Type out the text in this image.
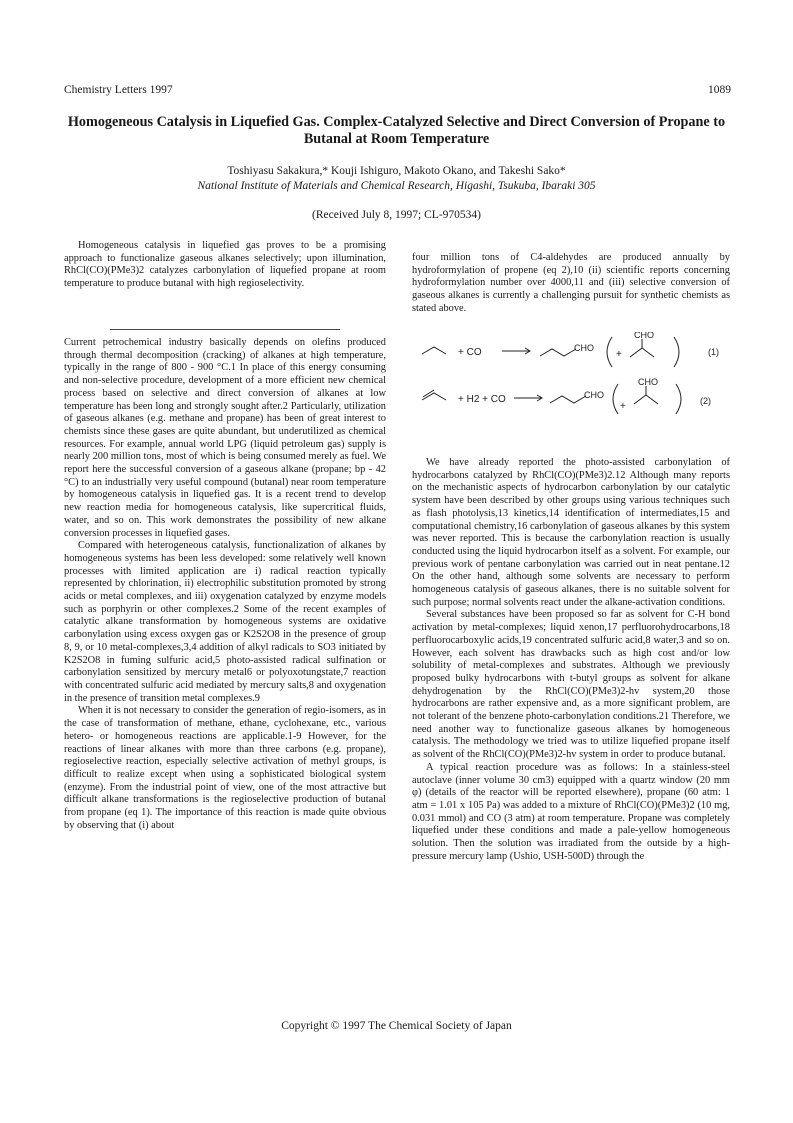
Chemistry Letters 1997	1089
Homogeneous Catalysis in Liquefied Gas. Complex-Catalyzed Selective and Direct Conversion of Propane to Butanal at Room Temperature
Toshiyasu Sakakura,* Kouji Ishiguro, Makoto Okano, and Takeshi Sako*
National Institute of Materials and Chemical Research, Higashi, Tsukuba, Ibaraki 305
(Received July 8, 1997; CL-970534)

Homogeneous catalysis in liquefied gas proves to be a promising approach to functionalize gaseous alkanes selectively; upon illumination, RhCl(CO)(PMe3)2 catalyzes carbonylation of liquefied propane at room temperature to produce butanal with high regioselectivity.

Current petrochemical industry basically depends on olefins produced through thermal decomposition (cracking) of alkanes at high temperature, typically in the range of 800 - 900 °C.1 In place of this energy consuming and non-selective procedure, development of a more efficient new chemical process based on selective and direct conversion of alkanes at low temperature has been long and strongly sought after.2 Particularly, utilization of gaseous alkanes (e.g. methane and propane) has been of great interest to chemists since these gases are quite abundant, but underutilized as chemical resources. For example, annual world LPG (liquid petroleum gas) supply is nearly 200 million tons, most of which is being consumed merely as fuel. We report here the successful conversion of a gaseous alkane (propane; bp - 42 °C) to an industrially very useful compound (butanal) near room temperature by homogeneous catalysis in liquefied gas. It is a recent trend to develop new reaction media for homogeneous catalysis, like supercritical fluids, water, and so on. This work demonstrates the possibility of new alkane conversion processes in liquefied gases.

Compared with heterogeneous catalysis, functionalization of alkanes by homogeneous systems has been less developed: some relatively well known processes with limited application are i) radical reaction typically represented by chlorination, ii) electrophilic substitution promoted by strong acids or metal complexes, and iii) oxygenation catalyzed by enzyme models such as porphyrin or other complexes.2 Some of the recent examples of catalytic alkane transformation by homogeneous systems are oxidative carbonylation using excess oxygen gas or K2S2O8 in the presence of group 8, 9, or 10 metal-complexes,3,4 addition of alkyl radicals to SO3 initiated by K2S2O8 in fuming sulfuric acid,5 photo-assisted radical sulfination or carbonylation sensitized by mercury metal6 or polyoxotungstate,7 reaction with concentrated sulfuric acid mediated by mercury salts,8 and oxygenation in the presence of transition metal complexes.9

When it is not necessary to consider the generation of regio-isomers, as in the case of transformation of methane, ethane, cyclohexane, etc., various hetero- or homogeneous reactions are applicable.1-9 However, for the reactions of linear alkanes with more than three carbons (e.g. propane), regioselective reaction, especially selective activation of methyl groups, is difficult to realize except when using a sophisticated biological system (enzyme). From the industrial point of view, one of the most attractive but difficult alkane transformations is the regioselective production of butanal from propane (eq 1). The importance of this reaction is made quite obvious by observing that (i) about

four million tons of C4-aldehydes are produced annually by hydroformylation of propene (eq 2),10 (ii) scientific reports concerning hydroformylation number over 4000,11 and (iii) selective conversion of gaseous alkanes is currently a challenging pursuit for synthetic chemists as stated above.

+ CO	CHO
+
CHO
(1)
+ H2 + CO	CHO
+
CHO
(2)

We have already reported the photo-assisted carbonylation of hydrocarbons catalyzed by RhCl(CO)(PMe3)2.12 Although many reports on the mechanistic aspects of hydrocarbon carbonylation by our catalytic system have been described by other groups using various techniques such as flash photolysis,13 kinetics,14 identification of intermediates,15 and computational chemistry,16 carbonylation of gaseous alkanes by this system was never reported. This is because the carbonylation reaction is usually conducted using the liquid hydrocarbon itself as a solvent. For example, our previous work of pentane carbonylation was carried out in neat pentane.12 On the other hand, although some solvents are necessary to perform homogeneous catalysis of gaseous alkanes, there is no suitable solvent for such purpose; normal solvents react under the alkane-activation conditions.

Several substances have been proposed so far as solvent for C-H bond activation by metal-complexes; liquid xenon,17 perfluorohydrocarbons,18 perfluorocarboxylic acids,19 concentrated sulfuric acid,8 water,3 and so on. However, each solvent has drawbacks such as high cost and/or low solubility of metal-complexes and substrates. Although we previously proposed bulky hydrocarbons with t-butyl groups as solvent for alkane dehydrogenation by the RhCl(CO)(PMe3)2-hv system,20 those hydrocarbons are rather expensive and, as a more significant problem, are not tolerant of the benzene photo-carbonylation conditions.21 Therefore, we need another way to functionalize gaseous alkanes by homogeneous catalysis. The methodology we tried was to utilize liquefied propane itself as solvent of the RhCl(CO)(PMe3)2-hv system in order to produce butanal.

A typical reaction procedure was as follows: In a stainless-steel autoclave (inner volume 30 cm3) equipped with a quartz window (20 mm φ) (details of the reactor will be reported elsewhere), propane (60 atm: 1 atm = 1.01 x 105 Pa) was added to a mixture of RhCl(CO)(PMe3)2 (10 mg, 0.031 mmol) and CO (3 atm) at room temperature. Propane was completely liquefied under these conditions and made a pale-yellow homogeneous solution. Then the solution was irradiated from the outside by a high-pressure mercury lamp (Ushio, USH-500D) through the

Copyright © 1997 The Chemical Society of Japan
